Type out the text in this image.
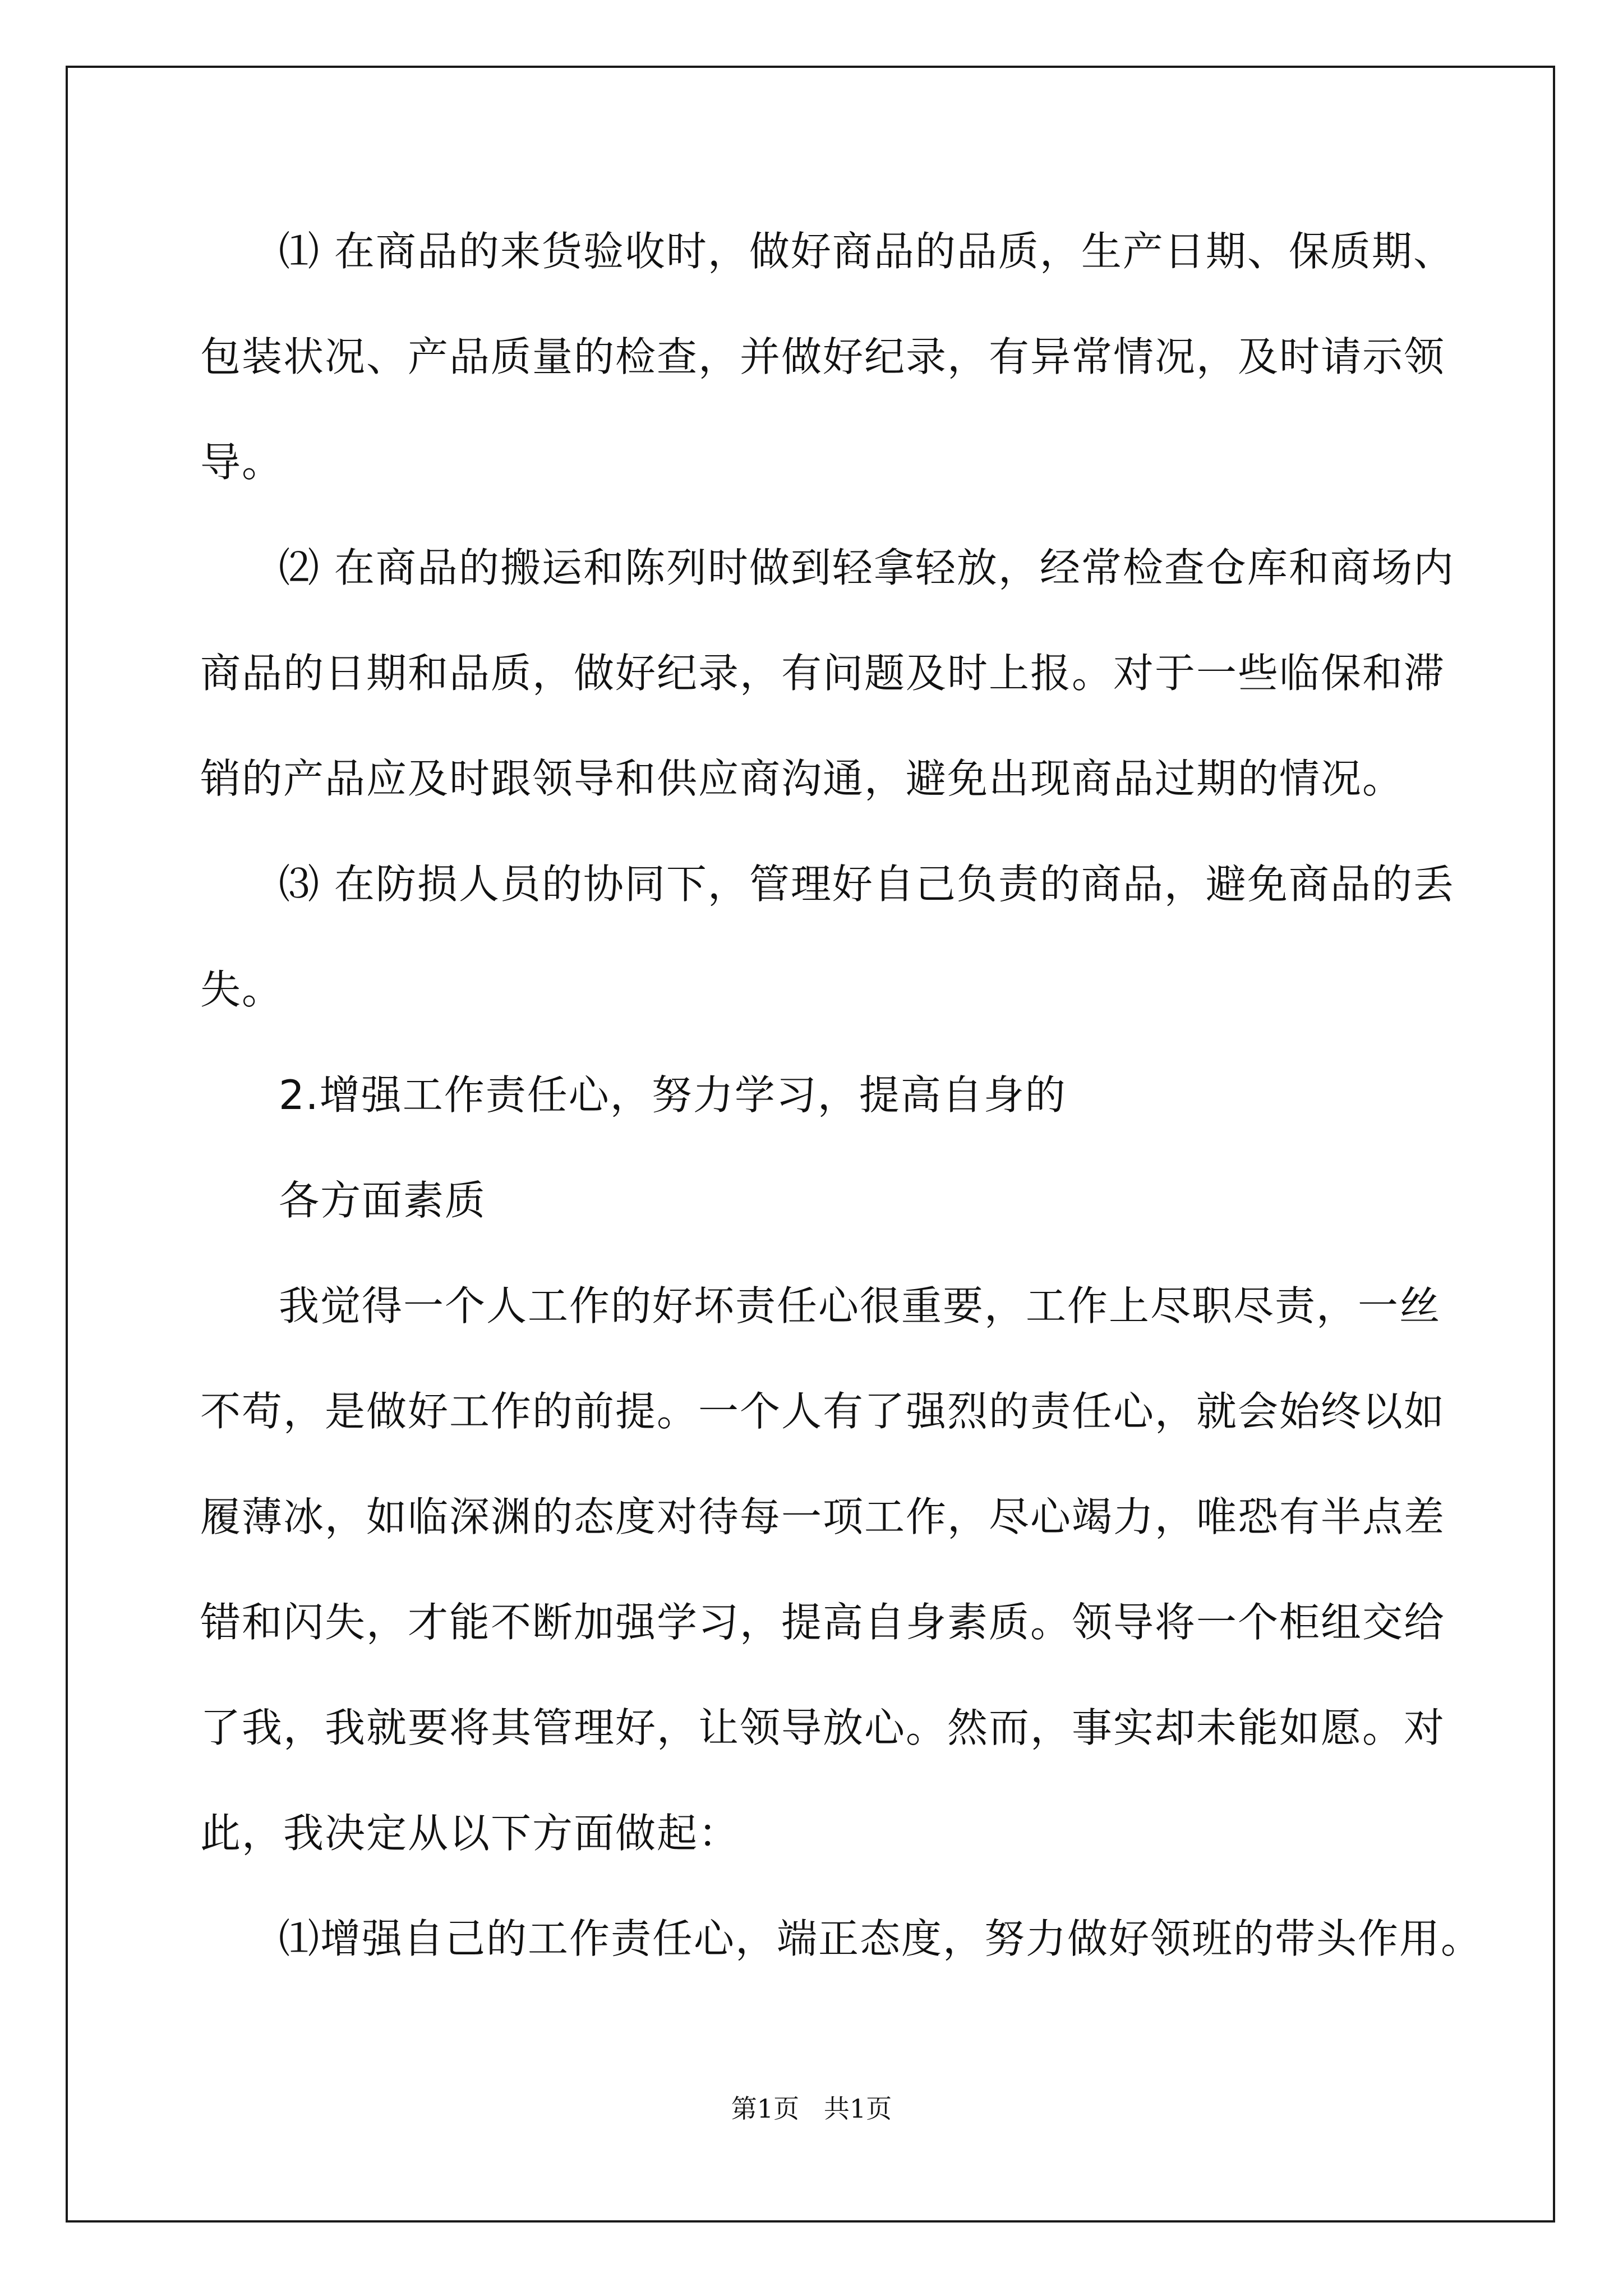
⑴ 在商品的来货验收时，做好商品的品质，生产日期、保质期、
包装状况、产品质量的检查，并做好纪录，有异常情况，及时请示领
导。
⑵ 在商品的搬运和陈列时做到轻拿轻放，经常检查仓库和商场内
商品的日期和品质，做好纪录，有问题及时上报。对于一些临保和滞
销的产品应及时跟领导和供应商沟通，避免出现商品过期的情况。
⑶ 在防损人员的协同下，管理好自己负责的商品，避免商品的丢
失。
2.增强工作责任心，努力学习，提高自身的
各方面素质
我觉得一个人工作的好坏责任心很重要，工作上尽职尽责，一丝
不苟，是做好工作的前提。一个人有了强烈的责任心，就会始终以如
履薄冰，如临深渊的态度对待每一项工作，尽心竭力，唯恐有半点差
错和闪失，才能不断加强学习，提高自身素质。领导将一个柜组交给
了我，我就要将其管理好，让领导放心。然而，事实却未能如愿。对
此，我决定从以下方面做起：
⑴增强自己的工作责任心，端正态度，努力做好领班的带头作用。
第1页   共1页
